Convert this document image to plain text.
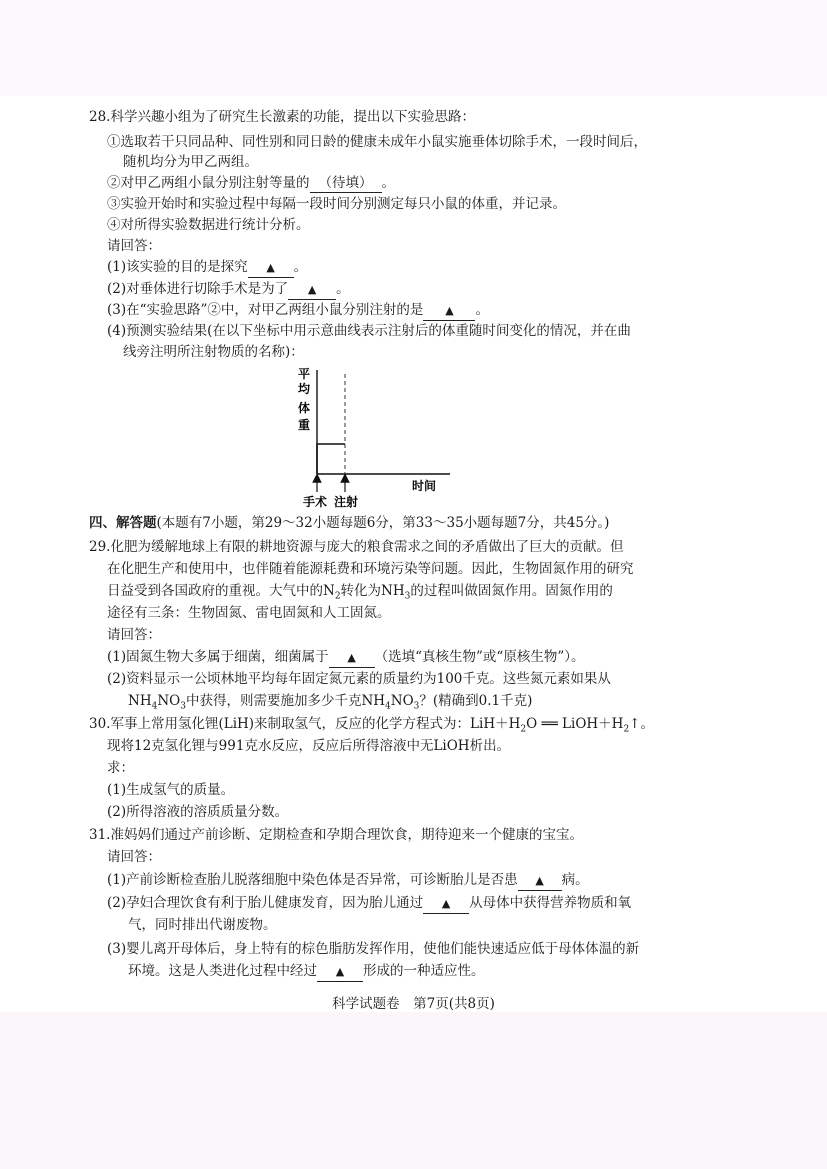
28.科学兴趣小组为了研究生长激素的功能，提出以下实验思路：
①选取若干只同品种、同性别和同日龄的健康未成年小鼠实施垂体切除手术，一段时间后，
随机均分为甲乙两组。
②对甲乙两组小鼠分别注射等量的 （待填） 。
③实验开始时和实验过程中每隔一段时间分别测定每只小鼠的体重，并记录。
④对所得实验数据进行统计分析。
请回答：
(1)该实验的目的是探究 ▲ 。
(2)对垂体进行切除手术是为了 ▲ 。
(3)在“实验思路”②中，对甲乙两组小鼠分别注射的是 ▲ 。
(4)预测实验结果(在以下坐标中用示意曲线表示注射后的体重随时间变化的情况，并在曲
线旁注明所注射物质的名称)：
平
均
体
重
时间
手术 注射
四、解答题(本题有7小题，第29～32小题每题6分，第33～35小题每题7分，共45分。)
29.化肥为缓解地球上有限的耕地资源与庞大的粮食需求之间的矛盾做出了巨大的贡献。但
在化肥生产和使用中，也伴随着能源耗费和环境污染等问题。因此，生物固氮作用的研究
日益受到各国政府的重视。大气中的$N_2$转化为$NH_3$的过程叫做固氮作用。固氮作用的
途径有三条：生物固氮、雷电固氮和人工固氮。
请回答：
(1)固氮生物大多属于细菌，细菌属于 ▲ （选填“真核生物”或“原核生物”）。
(2)资料显示一公顷林地平均每年固定氮元素的质量约为100千克。这些氮元素如果从
$NH_4NO_3$中获得，则需要施加多少千克$NH_4NO_3$？(精确到0.1千克)
30.军事上常用氢化锂(LiH)来制取氢气，反应的化学方程式为：$LiH+H_2O$ ══ $LiOH+H_2↑$。
现将12克氢化锂与991克水反应，反应后所得溶液中无LiOH析出。
求：
(1)生成氢气的质量。
(2)所得溶液的溶质质量分数。
31.准妈妈们通过产前诊断、定期检查和孕期合理饮食，期待迎来一个健康的宝宝。
请回答：
(1)产前诊断检查胎儿脱落细胞中染色体是否异常，可诊断胎儿是否患 ▲ 病。
(2)孕妇合理饮食有利于胎儿健康发育，因为胎儿通过 ▲ 从母体中获得营养物质和氧
气，同时排出代谢废物。
(3)婴儿离开母体后，身上特有的棕色脂肪发挥作用，使他们能快速适应低于母体体温的新
环境。这是人类进化过程中经过 ▲ 形成的一种适应性。
科学试题卷　第7页(共8页)
